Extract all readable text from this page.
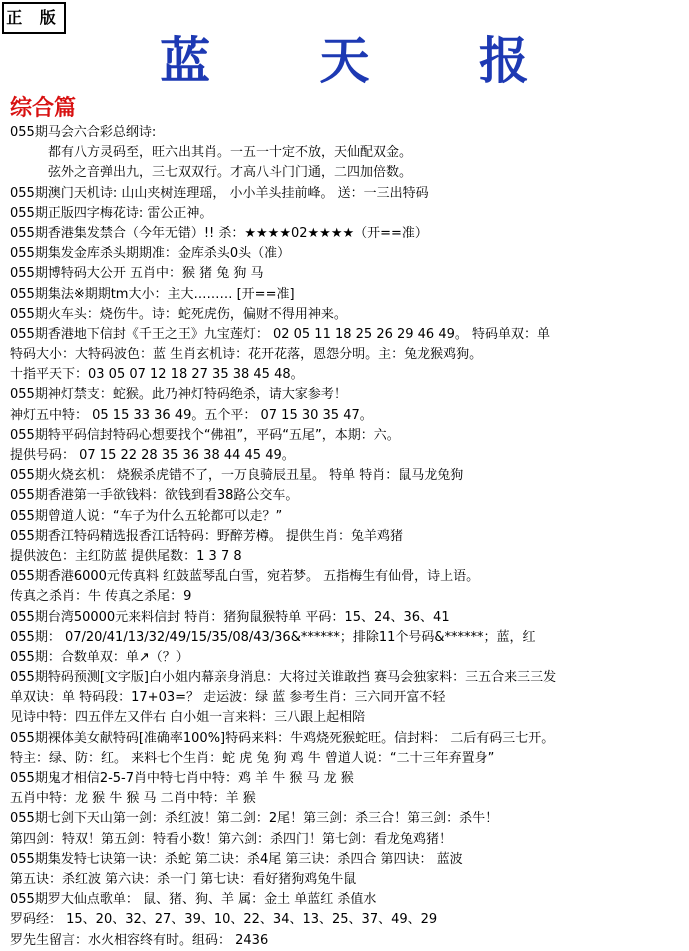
正 版
蓝 天 报
综合篇
055期马会六合彩总纲诗:
都有八方灵码至，旺六出其肖。一五一十定不放，天仙配双金。
弦外之音弹出九，三七双双行。才高八斗门门通，二四加倍数。
055期澳门天机诗: 山山夹树连理瑶， 小小羊头挂前峰。 送：一三出特码
055期正版四字梅花诗: 雷公正神。
055期香港集发禁合（今年无错）!! 杀：★★★★02★★★★（开==准）
055期集发金库杀头期期准：金库杀头0头（准）
055期博特码大公开 五肖中：猴 猪 兔 狗 马
055期集法※期期tm大小：主大……… [开==准]
055期火车头：烧伤牛。诗：蛇死虎伤，偏财不得用神来。
055期香港地下信封《千王之王》九宝莲灯： 02 05 11 18 25 26 29 46 49。 特码单双：单
特码大小：大特码波色：蓝 生肖玄机诗：花开花落，恩怨分明。主：兔龙猴鸡狗。
十指平天下：03 05 07 12 18 27 35 38 45 48。
055期神灯禁支：蛇猴。此乃神灯特码绝杀，请大家参考！
神灯五中特： 05 15 33 36 49。五个平： 07 15 30 35 47。
055期特平码信封特码心想要找个“佛祖”，平码“五尾”，本期：六。
提供号码： 07 15 22 28 35 36 38 44 45 49。
055期火烧玄机： 烧猴杀虎错不了，一万良骑辰丑星。 特单 特肖：鼠马龙兔狗
055期香港第一手欲钱料：欲钱到看38路公交车。
055期曾道人说：“车子为什么五轮都可以走？”
055期香江特码精选报香江话特码：野醉芳樽。 提供生肖：兔羊鸡猪
提供波色：主红防蓝 提供尾数：1 3 7 8
055期香港6000元传真料 红鼓蓝琴乱白雪，宛若梦。 五指梅生有仙骨，诗上语。
传真之杀肖：牛 传真之杀尾：9
055期台湾50000元来料信封 特肖：猪狗鼠猴特单 平码：15、24、36、41
055期： 07/20/41/13/32/49/15/35/08/43/36&******；排除11个号码&******；蓝，红
055期：合数单双：单↗（？）
055期特码预测[文字版]白小姐内幕亲身消息：大将过关谁敢挡 赛马会独家料：三五合来三三发
单双诀：单 特码段：17+03=？ 走运波：绿 蓝 参考生肖：三六同开富不轻
见诗中特：四五伴左又伴右 白小姐一言来料：三八跟上起相陪
055期裸体美女献特码[准确率100%]特码来料：牛鸡烧死猴蛇旺。信封料： 二后有码三七开。
特主：绿、防：红。 来料七个生肖：蛇 虎 兔 狗 鸡 牛 曾道人说：“二十三年弃置身”
055期鬼才相信2-5-7肖中特七肖中特：鸡 羊 牛 猴 马 龙 猴
五肖中特：龙 猴 牛 猴 马 二肖中特：羊 猴
055期七剑下天山第一剑：杀红波！第二剑：2尾！第三剑：杀三合！第三剑：杀牛！
第四剑：特双！第五剑：特看小数！第六剑：杀四门！第七剑：看龙兔鸡猪！
055期集发特七诀第一诀：杀蛇 第二诀：杀4尾 第三诀：杀四合 第四诀： 蓝波
第五诀：杀红波 第六诀：杀一门 第七诀：看好猪狗鸡兔牛鼠
055期罗大仙点歌单： 鼠、猪、狗、羊 属：金土 单蓝红 杀值水
罗码经： 15、20、32、27、39、10、22、34、13、25、37、49、29
罗先生留言：水火相容终有时。组码： 2436
